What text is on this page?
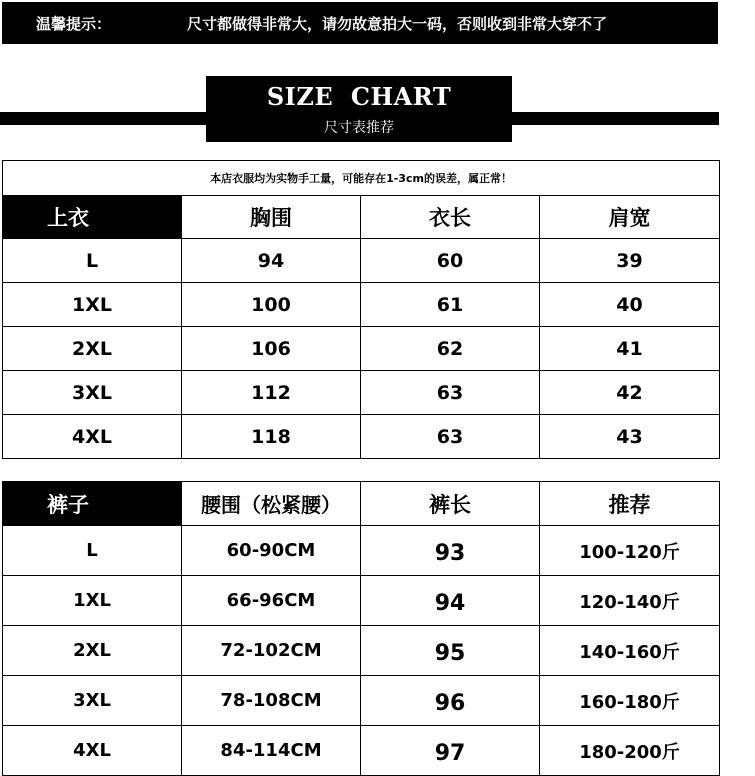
温馨提示：	尺寸都做得非常大，请勿故意拍大一码，否则收到非常大穿不了
SIZE  CHART
尺寸表推荐
本店衣服均为实物手工量，可能存在1-3cm的误差，属正常！			
上衣	胸围	衣长	肩宽
L	94	60	39
1XL	100	61	40
2XL	106	62	41
3XL	112	63	42
4XL	118	63	43
裤子	腰围（松紧腰）	裤长	推荐
L	60-90CM	93	100-120斤
1XL	66-96CM	94	120-140斤
2XL	72-102CM	95	140-160斤
3XL	78-108CM	96	160-180斤
4XL	84-114CM	97	180-200斤
